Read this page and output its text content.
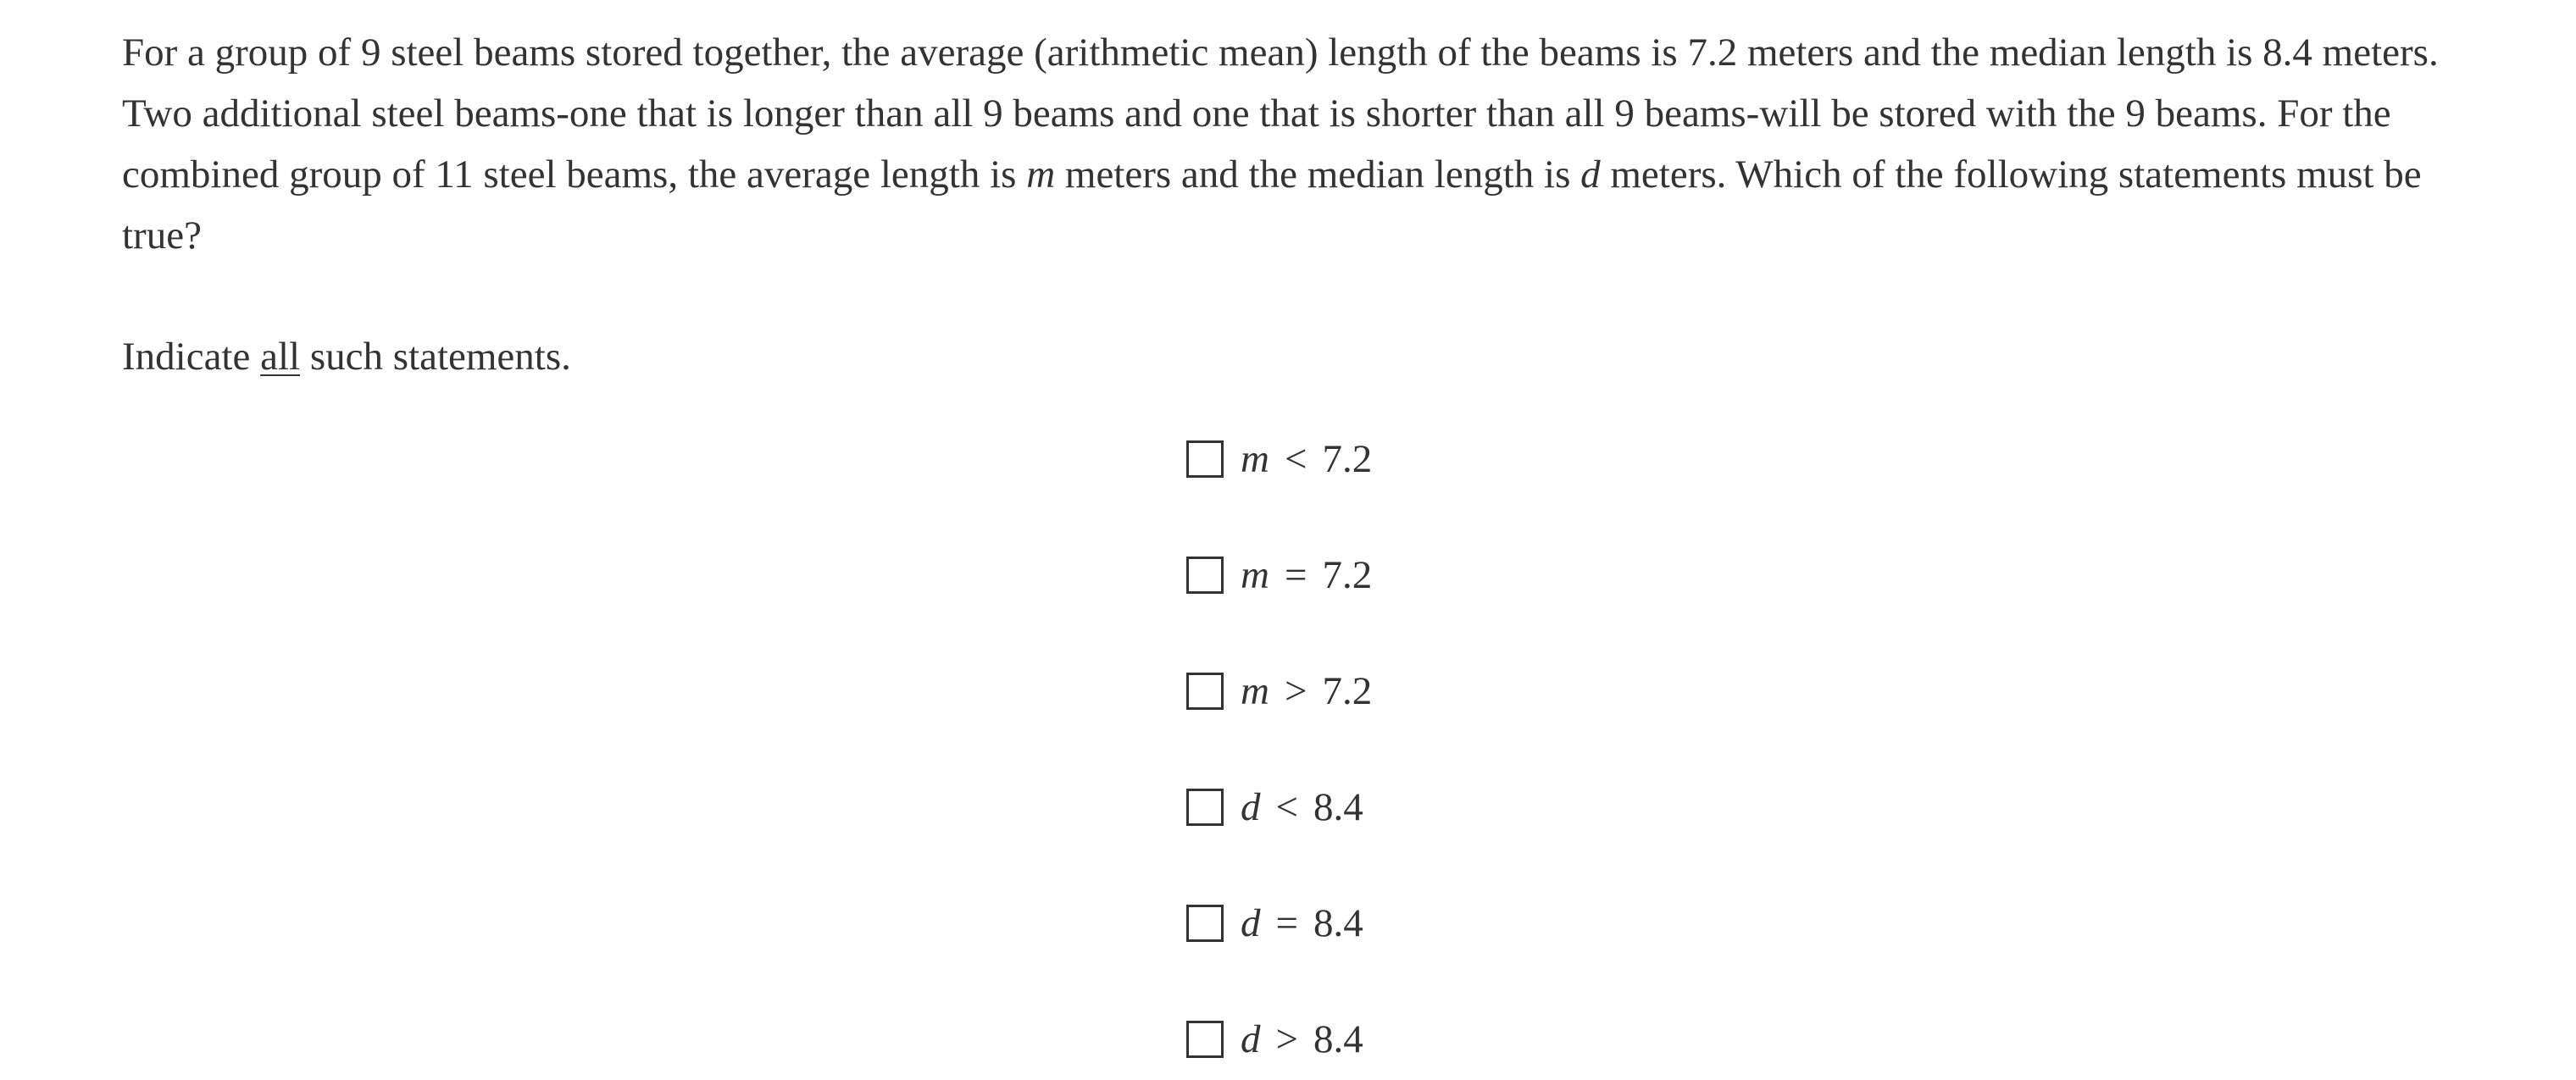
For a group of 9 steel beams stored together, the average (arithmetic mean) length of the beams is 7.2 meters and the median length is 8.4 meters. Two additional steel beams-one that is longer than all 9 beams and one that is shorter than all 9 beams-will be stored with the 9 beams. For the combined group of 11 steel beams, the average length is m meters and the median length is d meters. Which of the following statements must be true?

Indicate all such statements.

m < 7.2
m = 7.2
m > 7.2
d < 8.4
d = 8.4
d > 8.4
